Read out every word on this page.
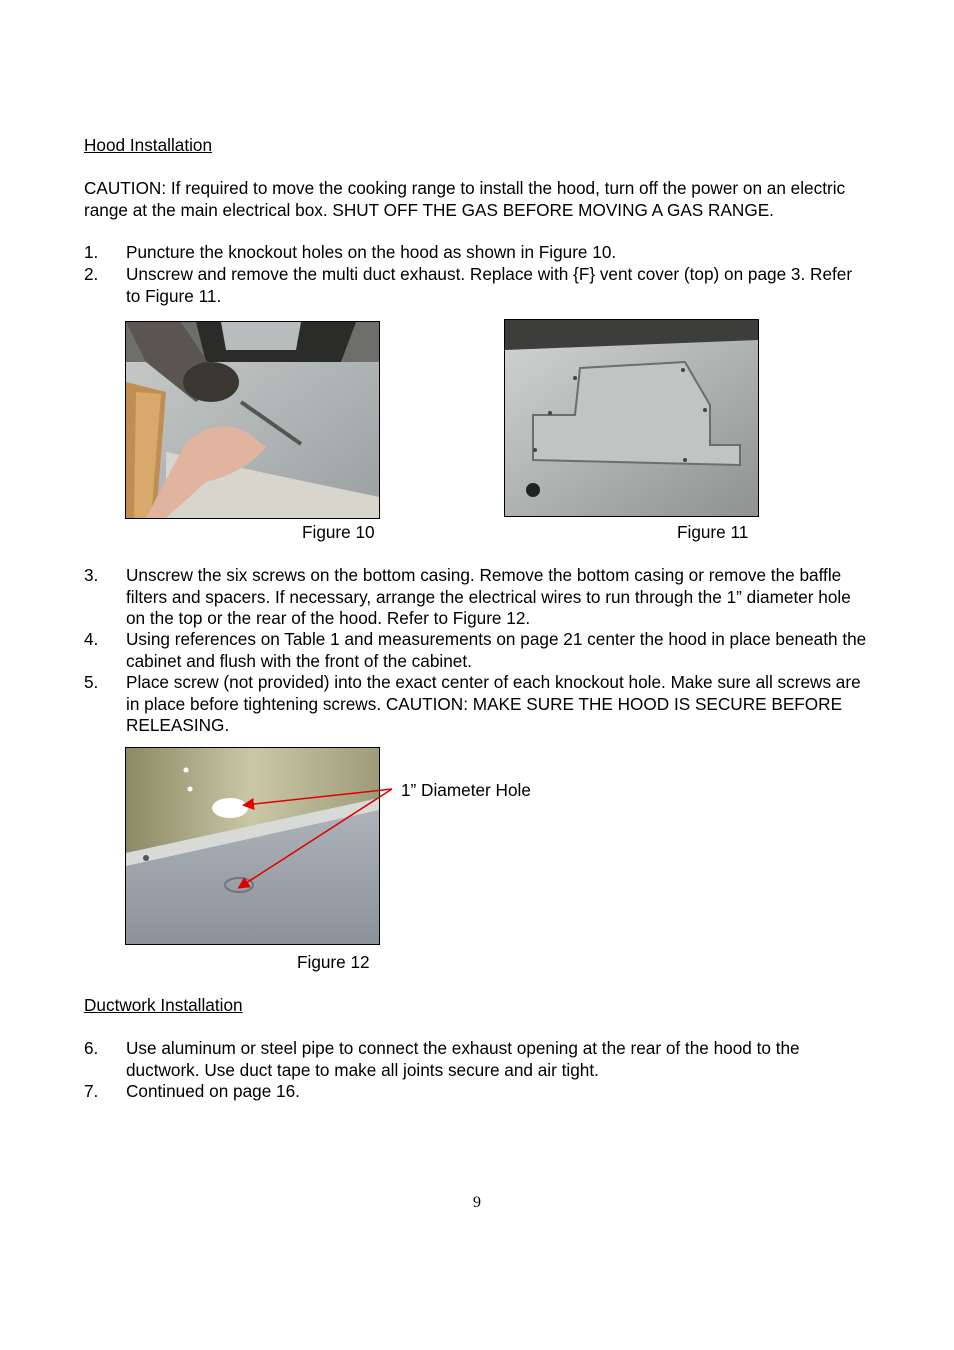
Hood Installation
CAUTION: If required to move the cooking range to install the hood, turn off the power on an electric range at the main electrical box. SHUT OFF THE GAS BEFORE MOVING A GAS RANGE.
1. Puncture the knockout holes on the hood as shown in Figure 10.
2. Unscrew and remove the multi duct exhaust. Replace with {F} vent cover (top) on page 3. Refer to Figure 11.
Figure 10	Figure 11
3. Unscrew the six screws on the bottom casing. Remove the bottom casing or remove the baffle filters and spacers. If necessary, arrange the electrical wires to run through the 1” diameter hole on the top or the rear of the hood. Refer to Figure 12.
4. Using references on Table 1 and measurements on page 21 center the hood in place beneath the cabinet and flush with the front of the cabinet.
5. Place screw (not provided) into the exact center of each knockout hole. Make sure all screws are in place before tightening screws. CAUTION: MAKE SURE THE HOOD IS SECURE BEFORE RELEASING.
1” Diameter Hole
Figure 12
Ductwork Installation
6. Use aluminum or steel pipe to connect the exhaust opening at the rear of the hood to the ductwork. Use duct tape to make all joints secure and air tight.
7. Continued on page 16.
9
